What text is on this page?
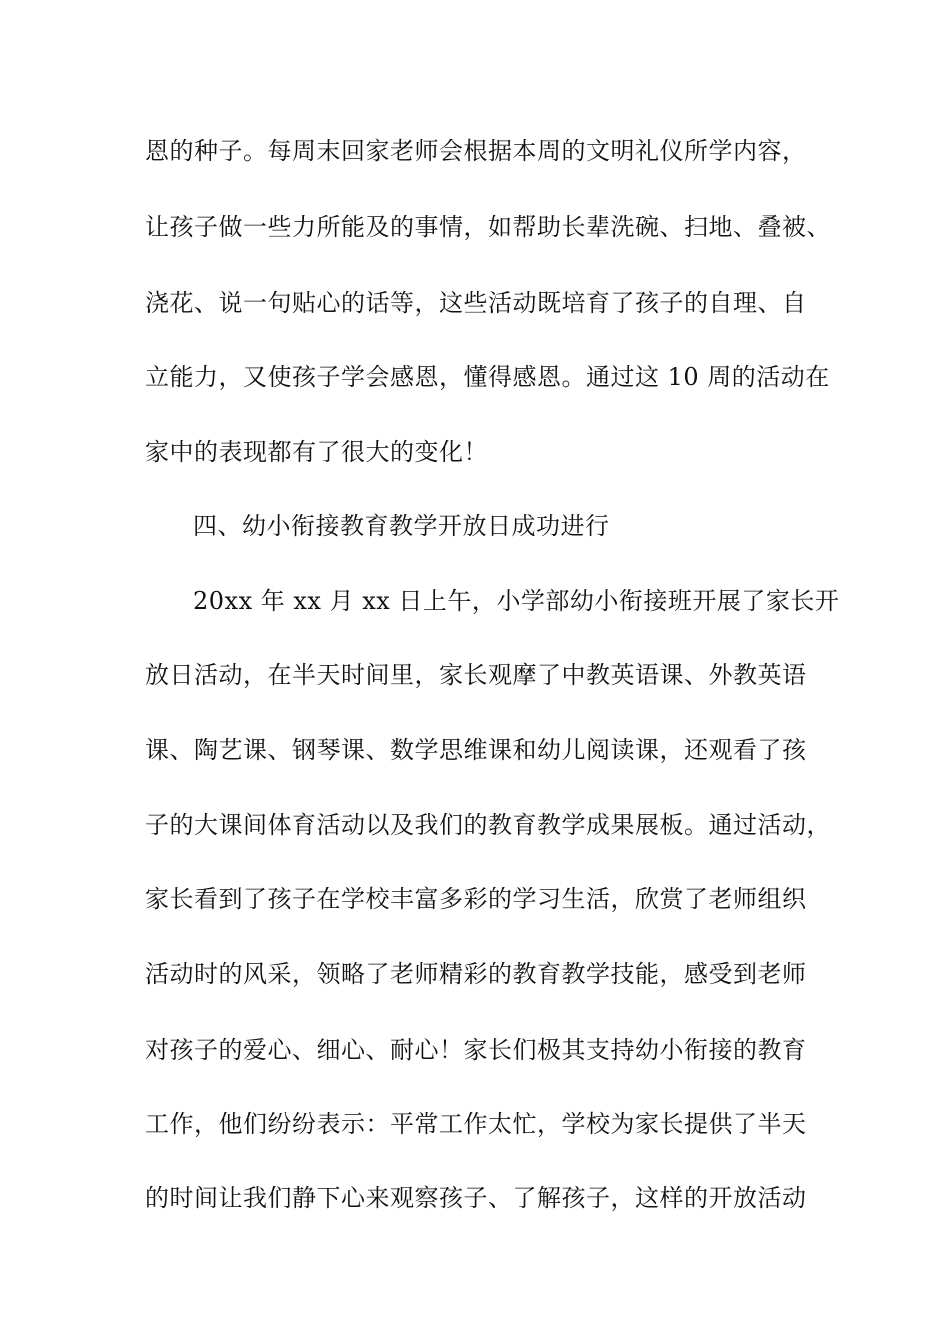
恩的种子。每周末回家老师会根据本周的文明礼仪所学内容，
让孩子做一些力所能及的事情，如帮助长辈洗碗、扫地、叠被、
浇花、说一句贴心的话等，这些活动既培育了孩子的自理、自
立能力，又使孩子学会感恩，懂得感恩。通过这 10 周的活动在
家中的表现都有了很大的变化！
四、幼小衔接教育教学开放日成功进行
20xx 年 xx 月 xx 日上午，小学部幼小衔接班开展了家长开
放日活动，在半天时间里，家长观摩了中教英语课、外教英语
课、陶艺课、钢琴课、数学思维课和幼儿阅读课，还观看了孩
子的大课间体育活动以及我们的教育教学成果展板。通过活动，
家长看到了孩子在学校丰富多彩的学习生活，欣赏了老师组织
活动时的风采，领略了老师精彩的教育教学技能，感受到老师
对孩子的爱心、细心、耐心！家长们极其支持幼小衔接的教育
工作，他们纷纷表示：平常工作太忙，学校为家长提供了半天
的时间让我们静下心来观察孩子、了解孩子，这样的开放活动
